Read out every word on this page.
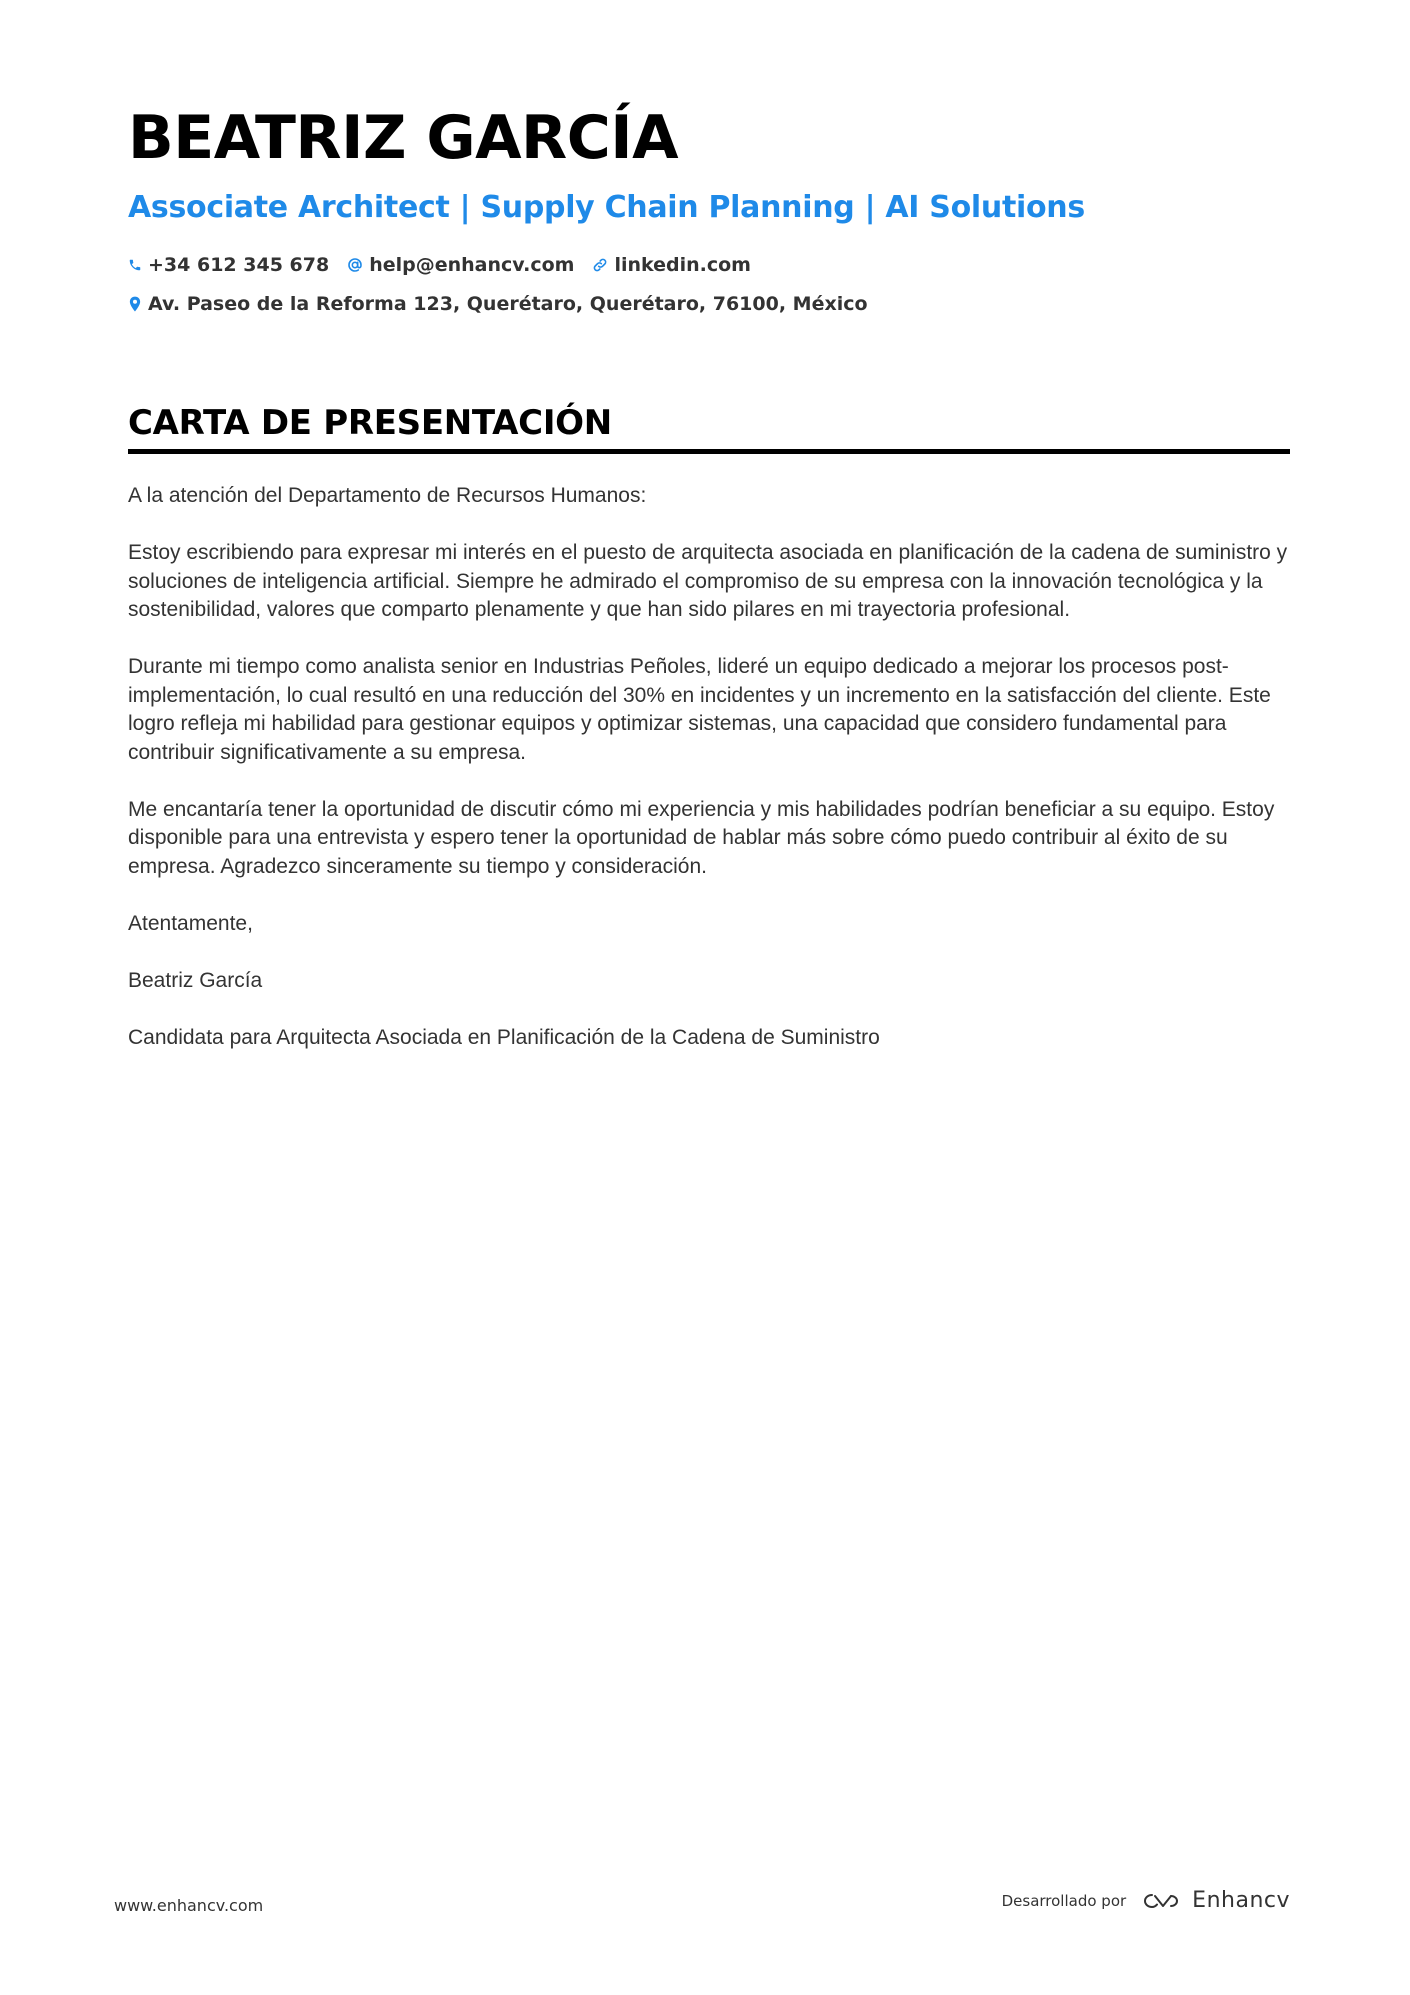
BEATRIZ GARCÍA
Associate Architect | Supply Chain Planning | AI Solutions
+34 612 345 678 help@enhancv.com linkedin.com
Av. Paseo de la Reforma 123, Querétaro, Querétaro, 76100, México
CARTA DE PRESENTACIÓN

A la atención del Departamento de Recursos Humanos:

Estoy escribiendo para expresar mi interés en el puesto de arquitecta asociada en planificación de la cadena de suministro y soluciones de inteligencia artificial. Siempre he admirado el compromiso de su empresa con la innovación tecnológica y la sostenibilidad, valores que comparto plenamente y que han sido pilares en mi trayectoria profesional.

Durante mi tiempo como analista senior en Industrias Peñoles, lideré un equipo dedicado a mejorar los procesos post-implementación, lo cual resultó en una reducción del 30% en incidentes y un incremento en la satisfacción del cliente. Este logro refleja mi habilidad para gestionar equipos y optimizar sistemas, una capacidad que considero fundamental para contribuir significativamente a su empresa.

Me encantaría tener la oportunidad de discutir cómo mi experiencia y mis habilidades podrían beneficiar a su equipo. Estoy disponible para una entrevista y espero tener la oportunidad de hablar más sobre cómo puedo contribuir al éxito de su empresa. Agradezco sinceramente su tiempo y consideración.

Atentamente,

Beatriz García

Candidata para Arquitecta Asociada en Planificación de la Cadena de Suministro

www.enhancv.com	Desarrollado por	Enhancv
